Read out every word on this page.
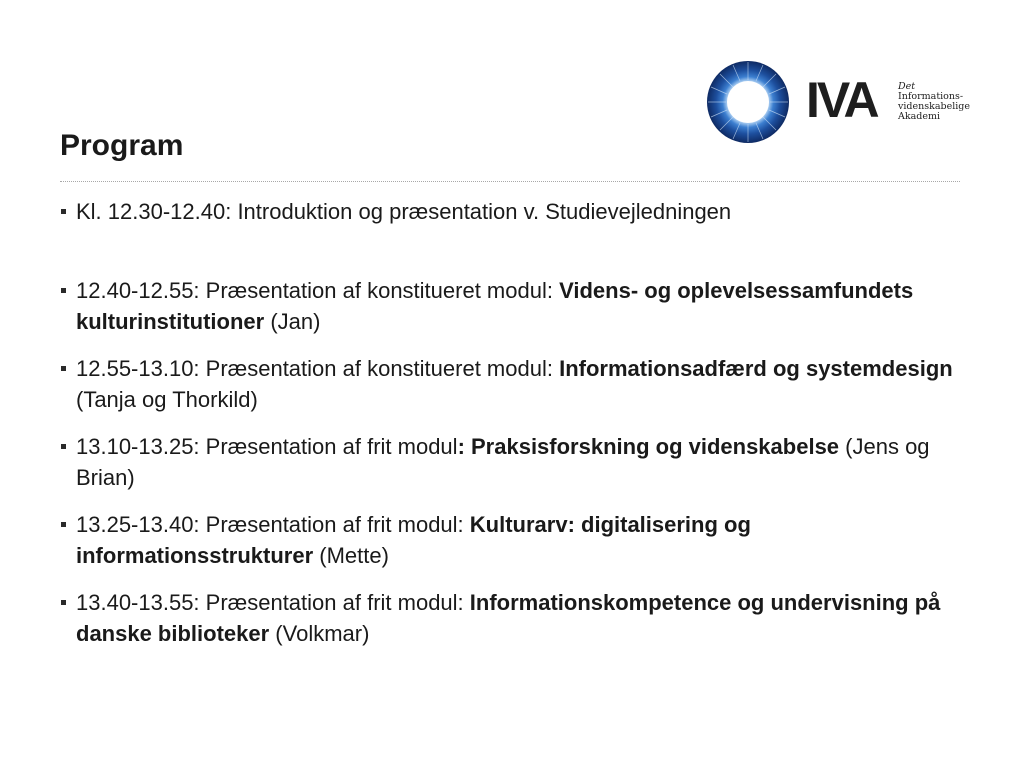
IVA Det
Informations-
videnskabelige
Akademi
Program
Kl. 12.30-12.40: Introduktion og præsentation v. Studievejledningen
12.40-12.55: Præsentation af konstitueret modul: Videns- og oplevelsessamfundets kulturinstitutioner (Jan)
12.55-13.10: Præsentation af konstitueret modul: Informationsadfærd og systemdesign (Tanja og Thorkild)
13.10-13.25: Præsentation af frit modul: Praksisforskning og videnskabelse (Jens og Brian)
13.25-13.40: Præsentation af frit modul: Kulturarv: digitalisering og informationsstrukturer (Mette)
13.40-13.55: Præsentation af frit modul: Informationskompetence og undervisning på danske biblioteker (Volkmar)
